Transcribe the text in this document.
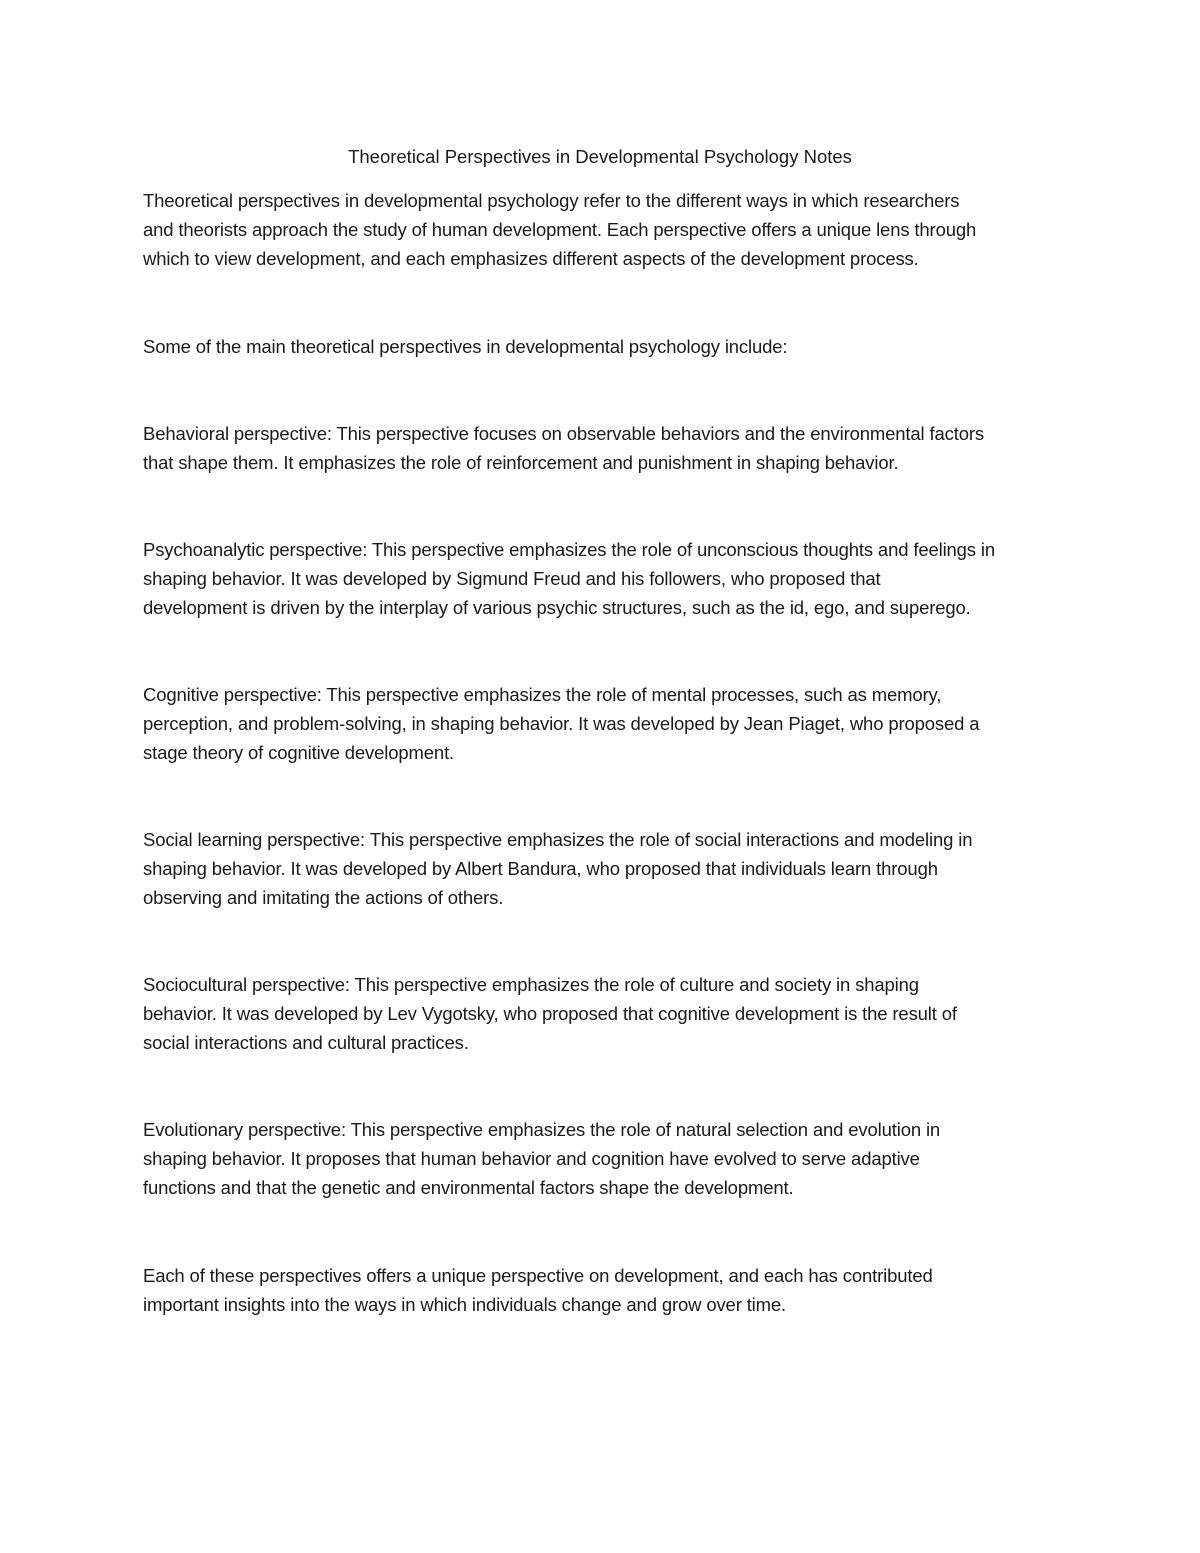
Theoretical Perspectives in Developmental Psychology Notes

Theoretical perspectives in developmental psychology refer to the different ways in which researchers
and theorists approach the study of human development. Each perspective offers a unique lens through
which to view development, and each emphasizes different aspects of the development process.

Some of the main theoretical perspectives in developmental psychology include:

Behavioral perspective: This perspective focuses on observable behaviors and the environmental factors
that shape them. It emphasizes the role of reinforcement and punishment in shaping behavior.

Psychoanalytic perspective: This perspective emphasizes the role of unconscious thoughts and feelings in
shaping behavior. It was developed by Sigmund Freud and his followers, who proposed that
development is driven by the interplay of various psychic structures, such as the id, ego, and superego.

Cognitive perspective: This perspective emphasizes the role of mental processes, such as memory,
perception, and problem-solving, in shaping behavior. It was developed by Jean Piaget, who proposed a
stage theory of cognitive development.

Social learning perspective: This perspective emphasizes the role of social interactions and modeling in
shaping behavior. It was developed by Albert Bandura, who proposed that individuals learn through
observing and imitating the actions of others.

Sociocultural perspective: This perspective emphasizes the role of culture and society in shaping
behavior. It was developed by Lev Vygotsky, who proposed that cognitive development is the result of
social interactions and cultural practices.

Evolutionary perspective: This perspective emphasizes the role of natural selection and evolution in
shaping behavior. It proposes that human behavior and cognition have evolved to serve adaptive
functions and that the genetic and environmental factors shape the development.

Each of these perspectives offers a unique perspective on development, and each has contributed
important insights into the ways in which individuals change and grow over time.
